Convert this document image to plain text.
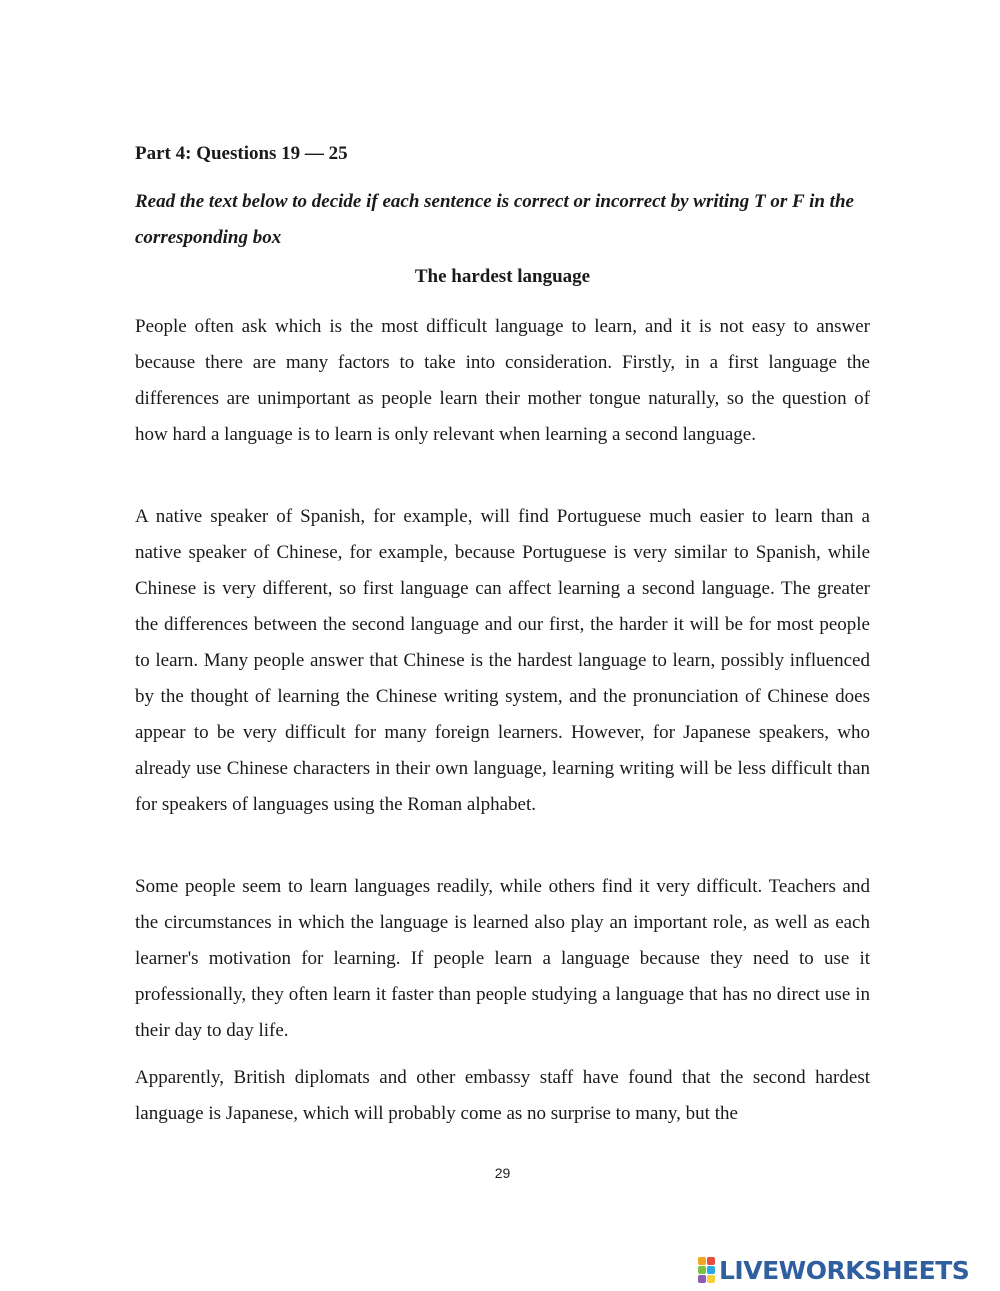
Part 4: Questions 19 — 25
Read the text below to decide if each sentence is correct or incorrect by writing T or F in the corresponding box
The hardest language

People often ask which is the most difficult language to learn, and it is not easy to answer because there are many factors to take into consideration. Firstly, in a first language the differences are unimportant as people learn their mother tongue naturally, so the question of how hard a language is to learn is only relevant when learning a second language.

A native speaker of Spanish, for example, will find Portuguese much easier to learn than a native speaker of Chinese, for example, because Portuguese is very similar to Spanish, while Chinese is very different, so first language can affect learning a second language. The greater the differences between the second language and our first, the harder it will be for most people to learn. Many people answer that Chinese is the hardest language to learn, possibly influenced by the thought of learning the Chinese writing system, and the pronunciation of Chinese does appear to be very difficult for many foreign learners. However, for Japanese speakers, who already use Chinese characters in their own language, learning writing will be less difficult than for speakers of languages using the Roman alphabet.

Some people seem to learn languages readily, while others find it very difficult. Teachers and the circumstances in which the language is learned also play an important role, as well as each learner's motivation for learning. If people learn a language because they need to use it professionally, they often learn it faster than people studying a language that has no direct use in their day to day life.

Apparently, British diplomats and other embassy staff have found that the second hardest language is Japanese, which will probably come as no surprise to many, but the

29
LIVEWORKSHEETS
